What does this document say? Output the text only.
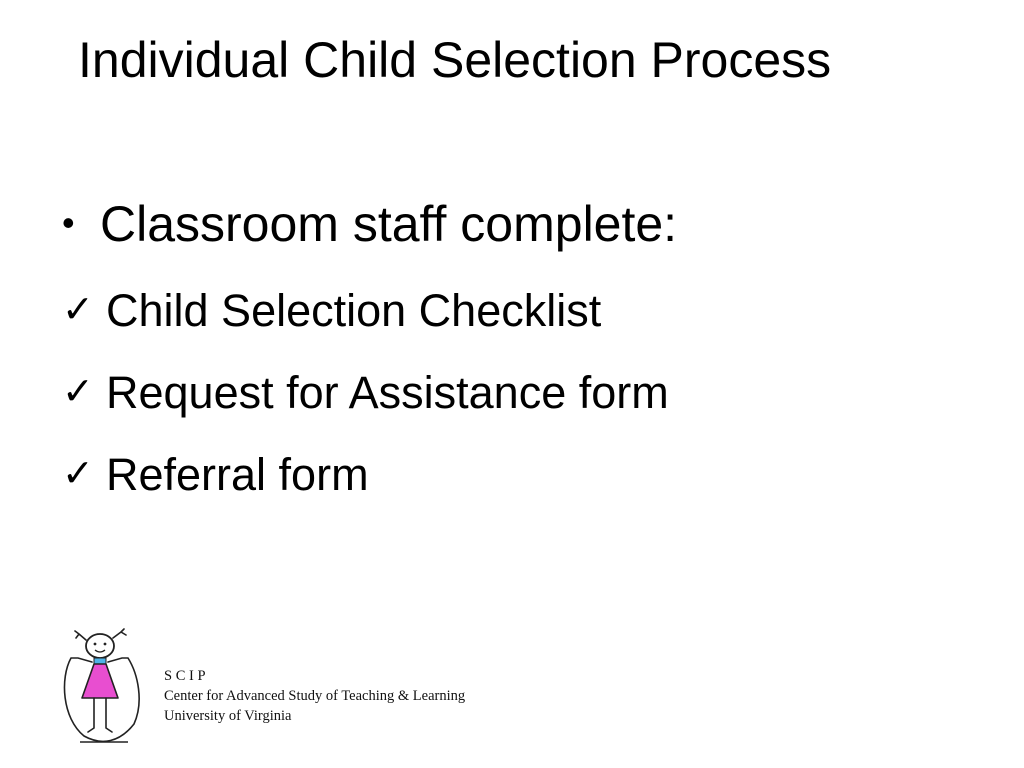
Individual Child Selection Process
• Classroom staff complete:
✓ Child Selection Checklist
✓ Request for Assistance form
✓ Referral form
S C I P
Center for Advanced Study of Teaching & Learning
University of Virginia
